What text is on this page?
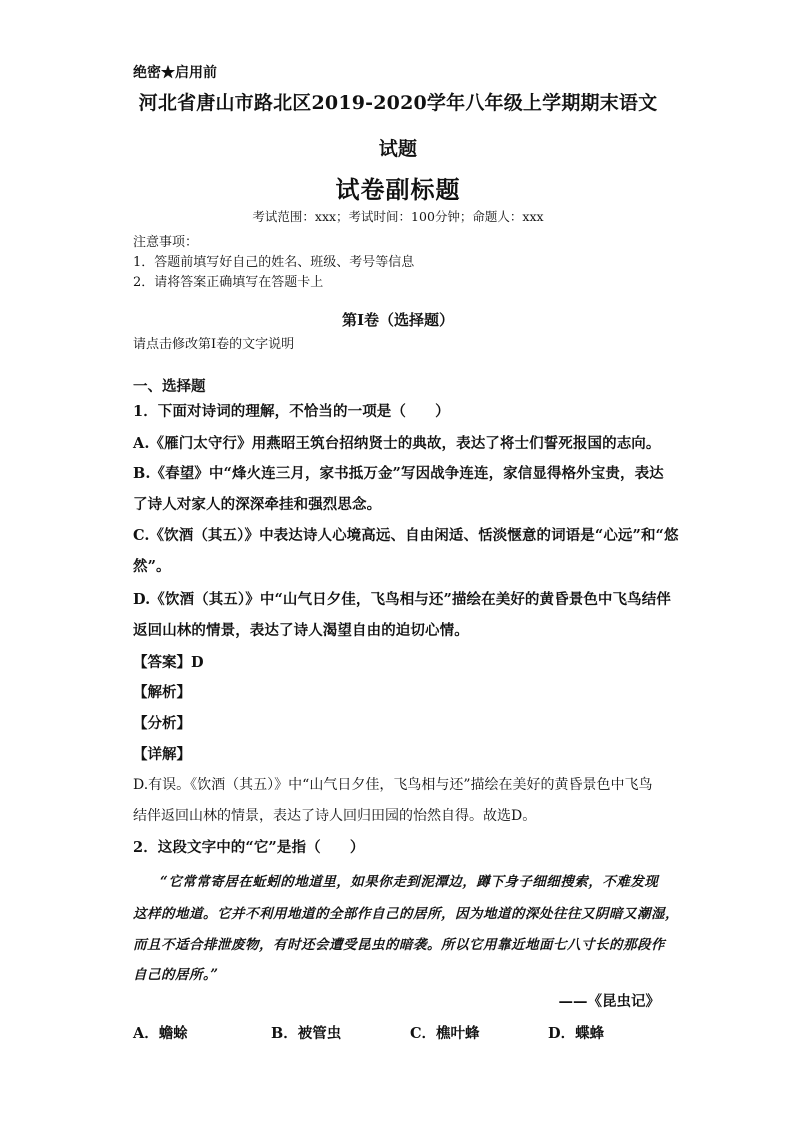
绝密★启用前
河北省唐山市路北区2019-2020学年八年级上学期期末语文
试题
试卷副标题
考试范围：xxx；考试时间：100分钟；命题人：xxx
注意事项：
1．答题前填写好自己的姓名、班级、考号等信息
2．请将答案正确填写在答题卡上
第I卷（选择题）
请点击修改第I卷的文字说明
一、选择题
1．下面对诗词的理解，不恰当的一项是（　　）
A.《雁门太守行》用燕昭王筑台招纳贤士的典故，表达了将士们誓死报国的志向。
B.《春望》中“烽火连三月，家书抵万金”写因战争连连，家信显得格外宝贵，表达
了诗人对家人的深深牵挂和强烈思念。
C.《饮酒（其五）》中表达诗人心境高远、自由闲适、恬淡惬意的词语是“心远”和“悠
然”。
D.《饮酒（其五）》中“山气日夕佳，飞鸟相与还”描绘在美好的黄昏景色中飞鸟结伴
返回山林的情景，表达了诗人渴望自由的迫切心情。
【答案】D
【解析】
【分析】
【详解】
D.有误。《饮酒（其五）》中“山气日夕佳，飞鸟相与还”描绘在美好的黄昏景色中飞鸟
结伴返回山林的情景，表达了诗人回归田园的怡然自得。故选D。
2．这段文字中的“它”是指（　　）
“它常常寄居在蚯蚓的地道里，如果你走到泥潭边，蹲下身子细细搜索，不难发现
这样的地道。它并不利用地道的全部作自己的居所，因为地道的深处往往又阴暗又潮湿，
而且不适合排泄废物，有时还会遭受昆虫的暗袭。所以它用靠近地面七八寸长的那段作
自己的居所。”
——《昆虫记》
A．蟾蜍	B．被管虫	C．樵叶蜂	D．蝶蜂
